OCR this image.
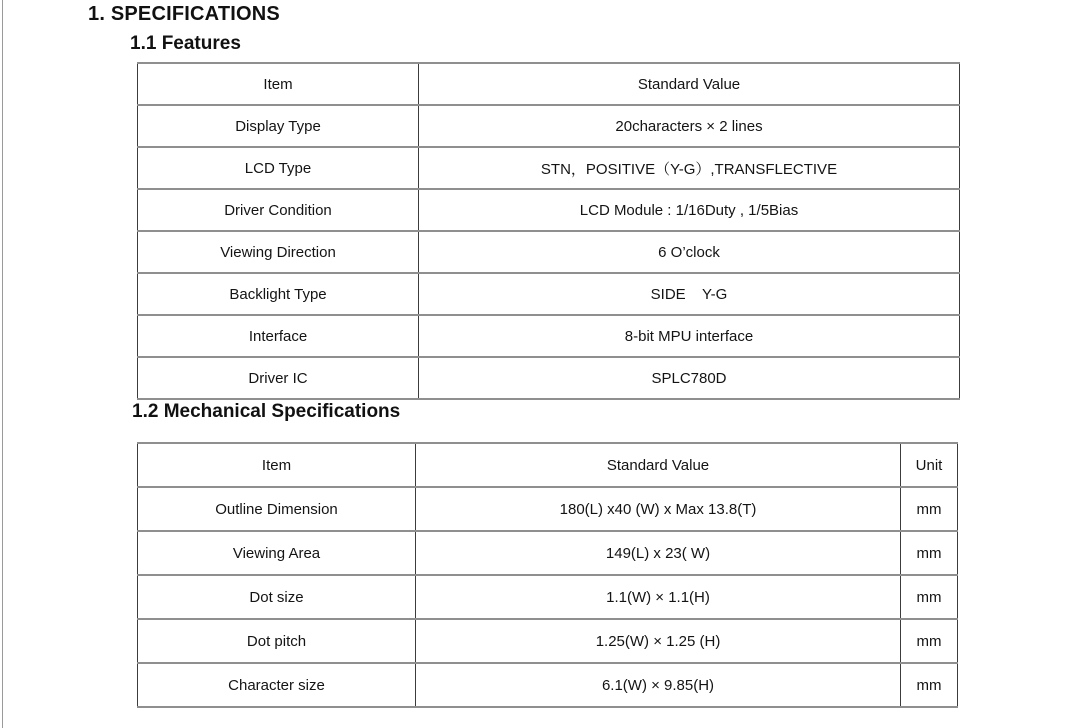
1. SPECIFICATIONS
1.1 Features
Item	Standard Value
Display Type	20characters × 2 lines
LCD Type	STN，POSITIVE（Y-G）,TRANSFLECTIVE
Driver Condition	LCD Module : 1/16Duty , 1/5Bias
Viewing Direction	6 O’clock
Backlight Type	SIDE    Y-G
Interface	8-bit MPU interface
Driver IC	SPLC780D
1.2 Mechanical Specifications
Item	Standard Value	Unit
Outline Dimension	180(L) x40 (W) x Max 13.8(T)	mm
Viewing Area	149(L) x 23( W)	mm
Dot size	1.1(W) × 1.1(H)	mm
Dot pitch	1.25(W) × 1.25 (H)	mm
Character size	6.1(W) × 9.85(H)	mm
